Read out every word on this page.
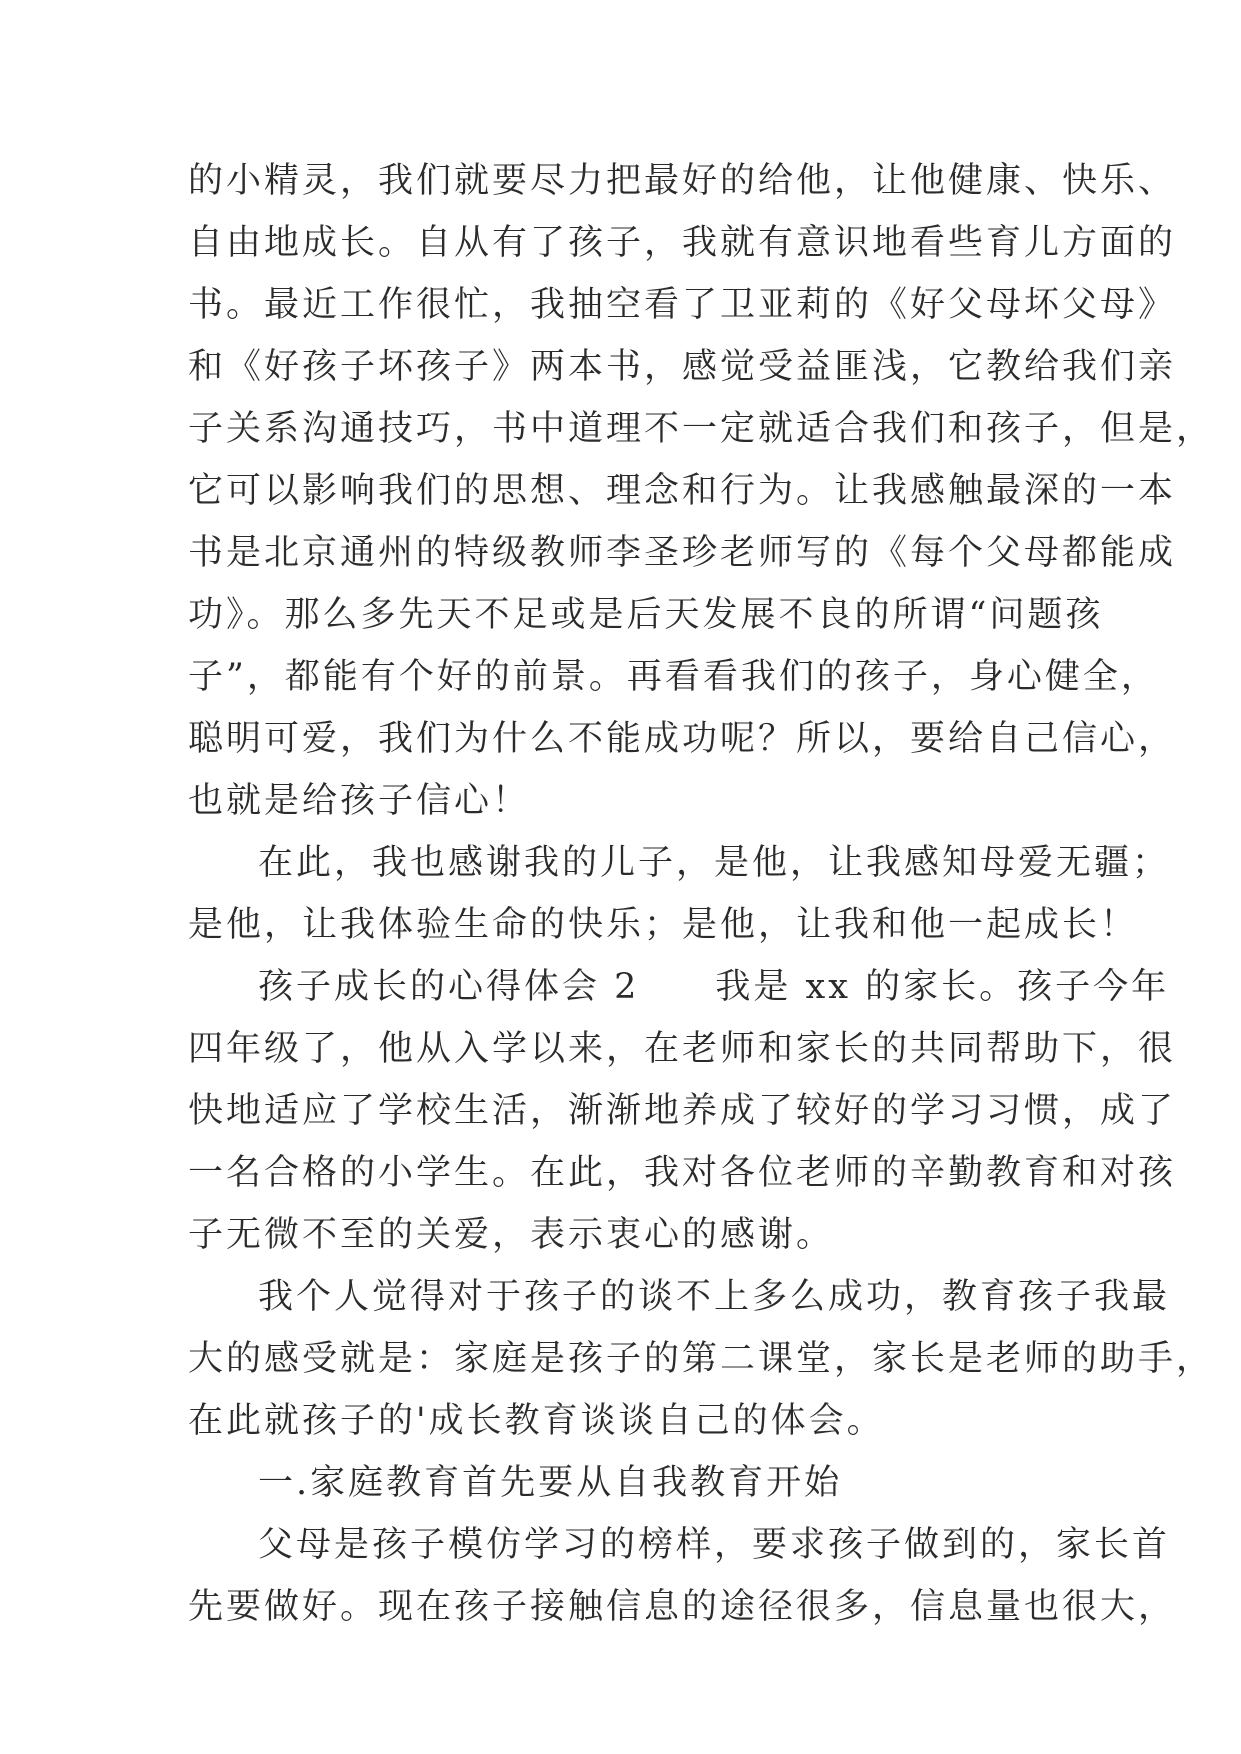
的小精灵，我们就要尽力把最好的给他，让他健康、快乐、
自由地成长。自从有了孩子，我就有意识地看些育儿方面的
书。最近工作很忙，我抽空看了卫亚莉的《好父母坏父母》
和《好孩子坏孩子》两本书，感觉受益匪浅，它教给我们亲
子关系沟通技巧，书中道理不一定就适合我们和孩子，但是，
它可以影响我们的思想、理念和行为。让我感触最深的一本
书是北京通州的特级教师李圣珍老师写的《每个父母都能成
功》。那么多先天不足或是后天发展不良的所谓“问题孩
子”，都能有个好的前景。再看看我们的孩子，身心健全，
聪明可爱，我们为什么不能成功呢？所以，要给自己信心，
也就是给孩子信心！
在此，我也感谢我的儿子，是他，让我感知母爱无疆；
是他，让我体验生命的快乐；是他，让我和他一起成长！
孩子成长的心得体会 2　　我是 xx 的家长。孩子今年
四年级了，他从入学以来，在老师和家长的共同帮助下，很
快地适应了学校生活，渐渐地养成了较好的学习习惯，成了
一名合格的小学生。在此，我对各位老师的辛勤教育和对孩
子无微不至的关爱，表示衷心的感谢。
我个人觉得对于孩子的谈不上多么成功，教育孩子我最
大的感受就是：家庭是孩子的第二课堂，家长是老师的助手，
在此就孩子的'成长教育谈谈自己的体会。
一.家庭教育首先要从自我教育开始
父母是孩子模仿学习的榜样，要求孩子做到的，家长首
先要做好。现在孩子接触信息的途径很多，信息量也很大，
